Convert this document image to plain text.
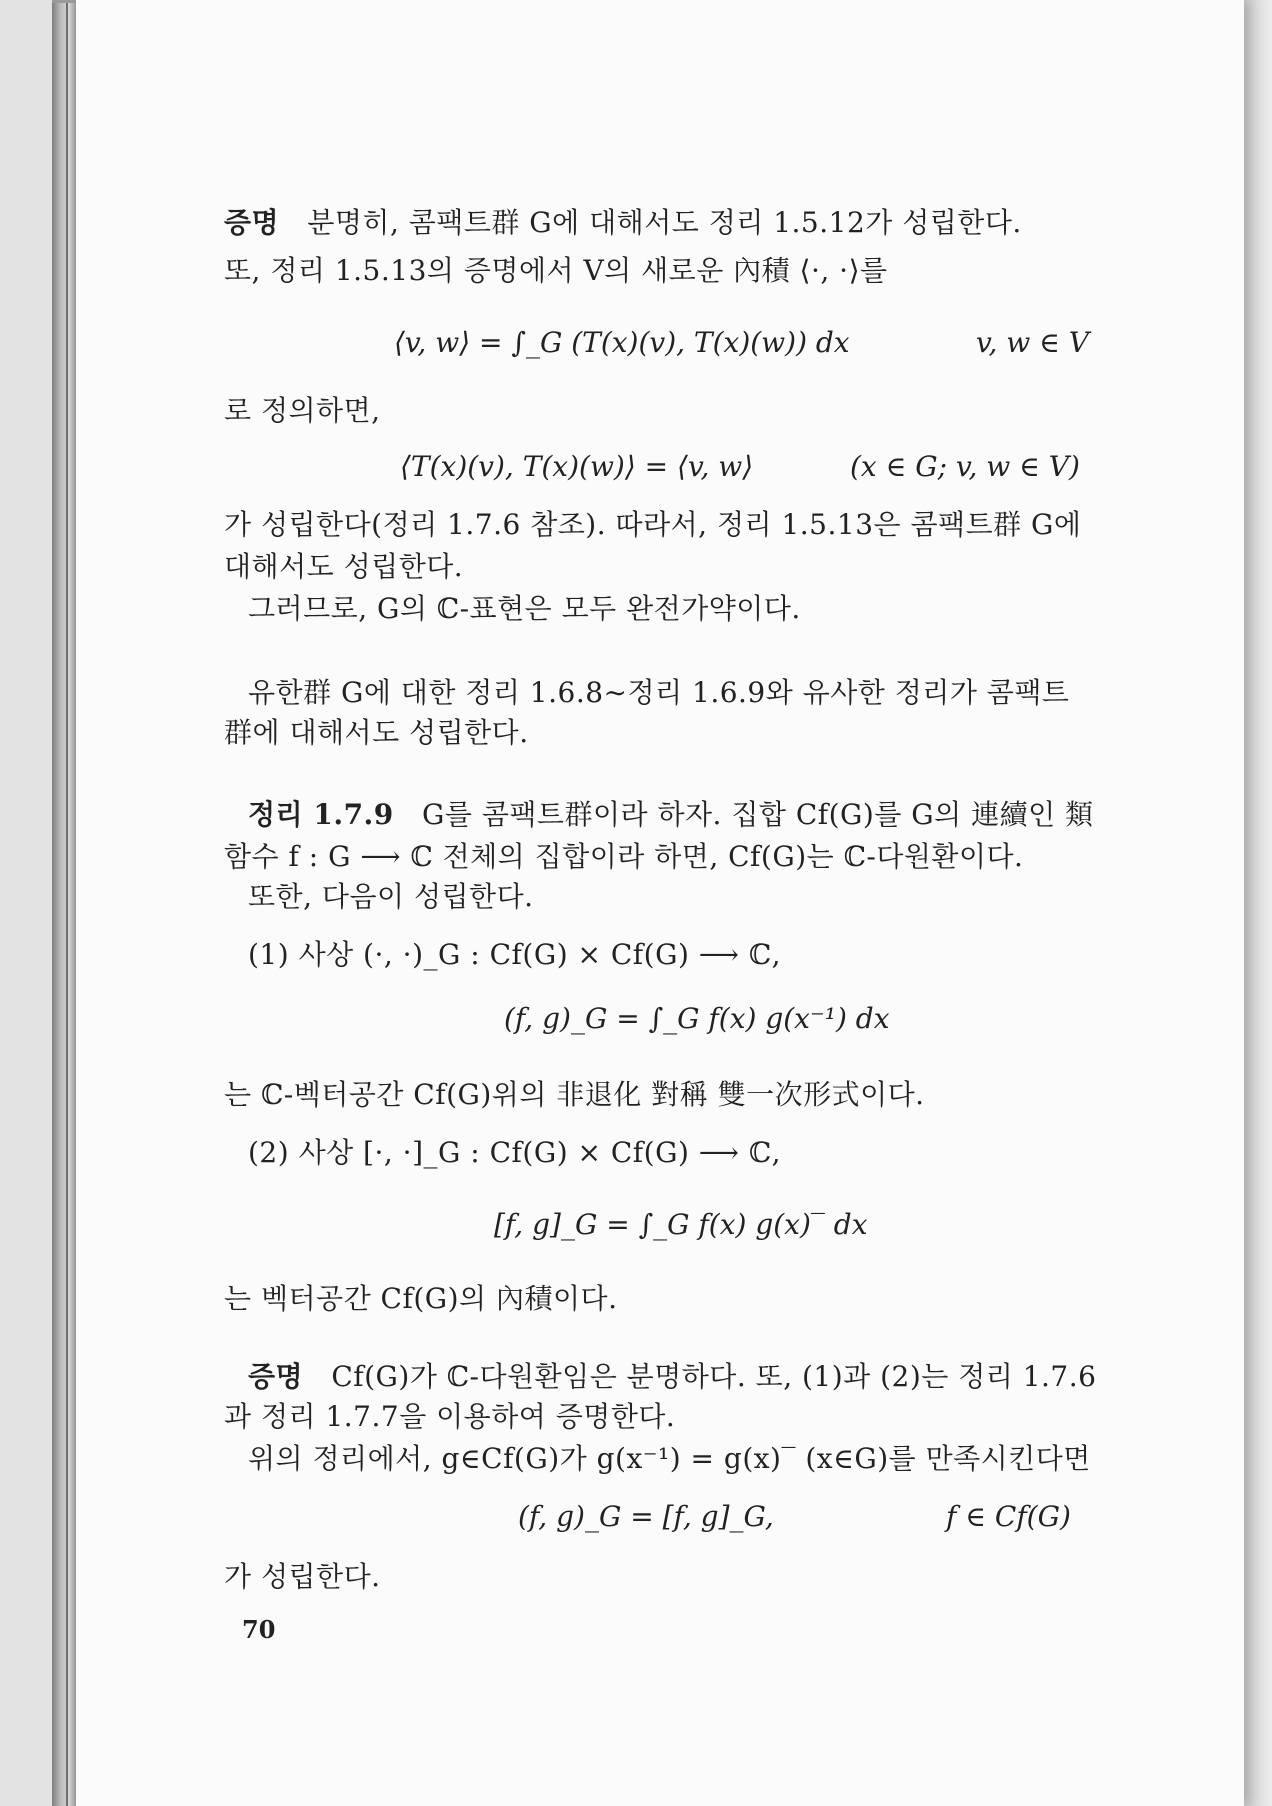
증명 분명히, 콤팩트群 G에 대해서도 정리 1.5.12가 성립한다.
또, 정리 1.5.13의 증명에서 V의 새로운 內積 ⟨·, ·⟩를
⟨v, w⟩ = ∫_G (T(x)(v), T(x)(w)) dx	v, w ∈ V
로 정의하면,
⟨T(x)(v), T(x)(w)⟩ = ⟨v, w⟩	(x ∈ G; v, w ∈ V)
가 성립한다(정리 1.7.6 참조). 따라서, 정리 1.5.13은 콤팩트群 G에
대해서도 성립한다.
그러므로, G의 ℂ-표현은 모두 완전가약이다.
유한群 G에 대한 정리 1.6.8∼정리 1.6.9와 유사한 정리가 콤팩트
群에 대해서도 성립한다.
정리 1.7.9 G를 콤팩트群이라 하자. 집합 Cf(G)를 G의 連續인 類
함수 f : G ⟶ ℂ 전체의 집합이라 하면, Cf(G)는 ℂ-다원환이다.
또한, 다음이 성립한다.
(1) 사상 (·, ·)_G : Cf(G) × Cf(G) ⟶ ℂ,
(f, g)_G = ∫_G f(x) g(x⁻¹) dx
는 ℂ-벡터공간 Cf(G)위의 非退化 對稱 雙一次形式이다.
(2) 사상 [·, ·]_G : Cf(G) × Cf(G) ⟶ ℂ,
[f, g]_G = ∫_G f(x) g(x)‾ dx
는 벡터공간 Cf(G)의 內積이다.
증명 Cf(G)가 ℂ-다원환임은 분명하다. 또, (1)과 (2)는 정리 1.7.6
과 정리 1.7.7을 이용하여 증명한다.
위의 정리에서, g∈Cf(G)가 g(x⁻¹) = g(x)‾ (x∈G)를 만족시킨다면
(f, g)_G = [f, g]_G,	f ∈ Cf(G)
가 성립한다.
70
